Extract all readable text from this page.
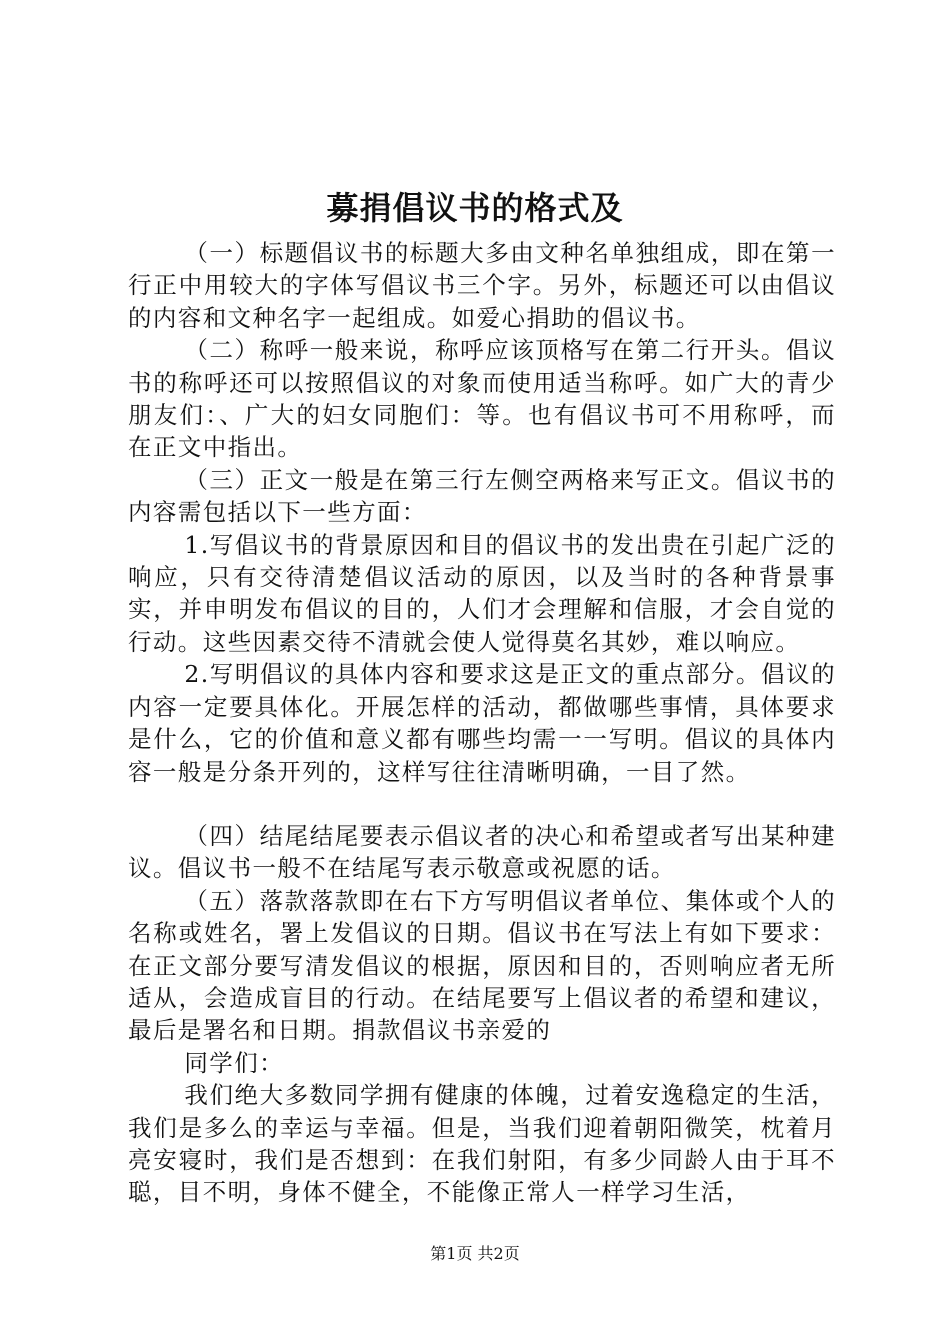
募捐倡议书的格式及

（一）标题倡议书的标题大多由文种名单独组成，即在第一行正中用较大的字体写倡议书三个字。另外，标题还可以由倡议的内容和文种名字一起组成。如爱心捐助的倡议书。

（二）称呼一般来说，称呼应该顶格写在第二行开头。倡议书的称呼还可以按照倡议的对象而使用适当称呼。如广大的青少朋友们：、广大的妇女同胞们：等。也有倡议书可不用称呼，而在正文中指出。

（三）正文一般是在第三行左侧空两格来写正文。倡议书的内容需包括以下一些方面：

1.写倡议书的背景原因和目的倡议书的发出贵在引起广泛的响应，只有交待清楚倡议活动的原因，以及当时的各种背景事实，并申明发布倡议的目的，人们才会理解和信服，才会自觉的行动。这些因素交待不清就会使人觉得莫名其妙，难以响应。

2.写明倡议的具体内容和要求这是正文的重点部分。倡议的内容一定要具体化。开展怎样的活动，都做哪些事情，具体要求是什么，它的价值和意义都有哪些均需一一写明。倡议的具体内容一般是分条开列的，这样写往往清晰明确，一目了然。

（四）结尾结尾要表示倡议者的决心和希望或者写出某种建议。倡议书一般不在结尾写表示敬意或祝愿的话。

（五）落款落款即在右下方写明倡议者单位、集体或个人的名称或姓名，署上发倡议的日期。倡议书在写法上有如下要求：在正文部分要写清发倡议的根据，原因和目的，否则响应者无所适从，会造成盲目的行动。在结尾要写上倡议者的希望和建议，最后是署名和日期。捐款倡议书亲爱的

同学们：

我们绝大多数同学拥有健康的体魄，过着安逸稳定的生活，我们是多么的幸运与幸福。但是，当我们迎着朝阳微笑，枕着月亮安寝时，我们是否想到：在我们射阳，有多少同龄人由于耳不聪，目不明，身体不健全，不能像正常人一样学习生活，

第1页 共2页
